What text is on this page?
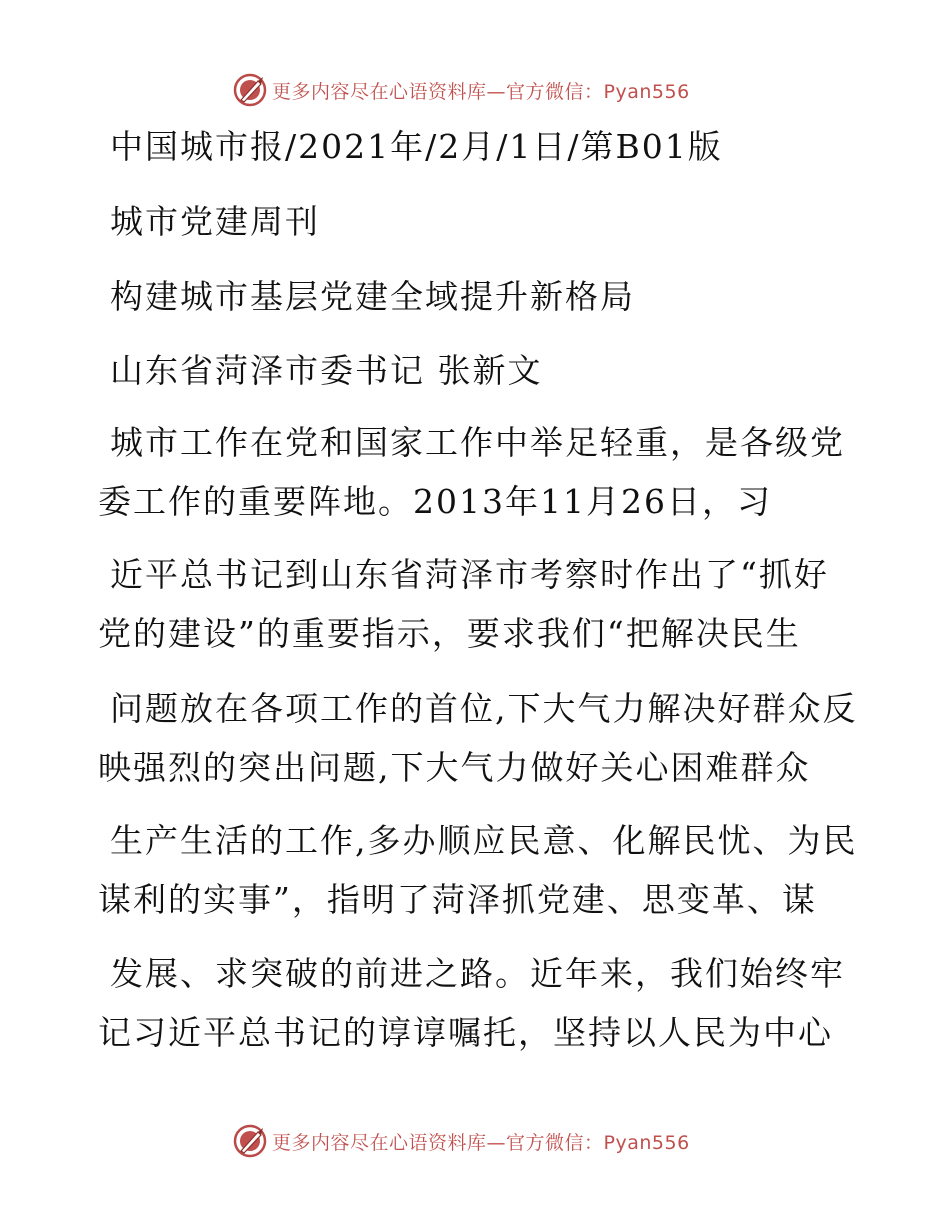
更多内容尽在心语资料库—官方微信：Pyan556
中国城市报/2021年/2月/1日/第B01版
城市党建周刊
构建城市基层党建全域提升新格局
山东省菏泽市委书记 张新文
城市工作在党和国家工作中举足轻重，是各级党
委工作的重要阵地。2013年11月26日，习
近平总书记到山东省菏泽市考察时作出了“抓好
党的建设”的重要指示，要求我们“把解决民生
问题放在各项工作的首位,下大气力解决好群众反
映强烈的突出问题,下大气力做好关心困难群众
生产生活的工作,多办顺应民意、化解民忧、为民
谋利的实事”，指明了菏泽抓党建、思变革、谋
发展、求突破的前进之路。近年来，我们始终牢
记习近平总书记的谆谆嘱托，坚持以人民为中心
更多内容尽在心语资料库—官方微信：Pyan556
